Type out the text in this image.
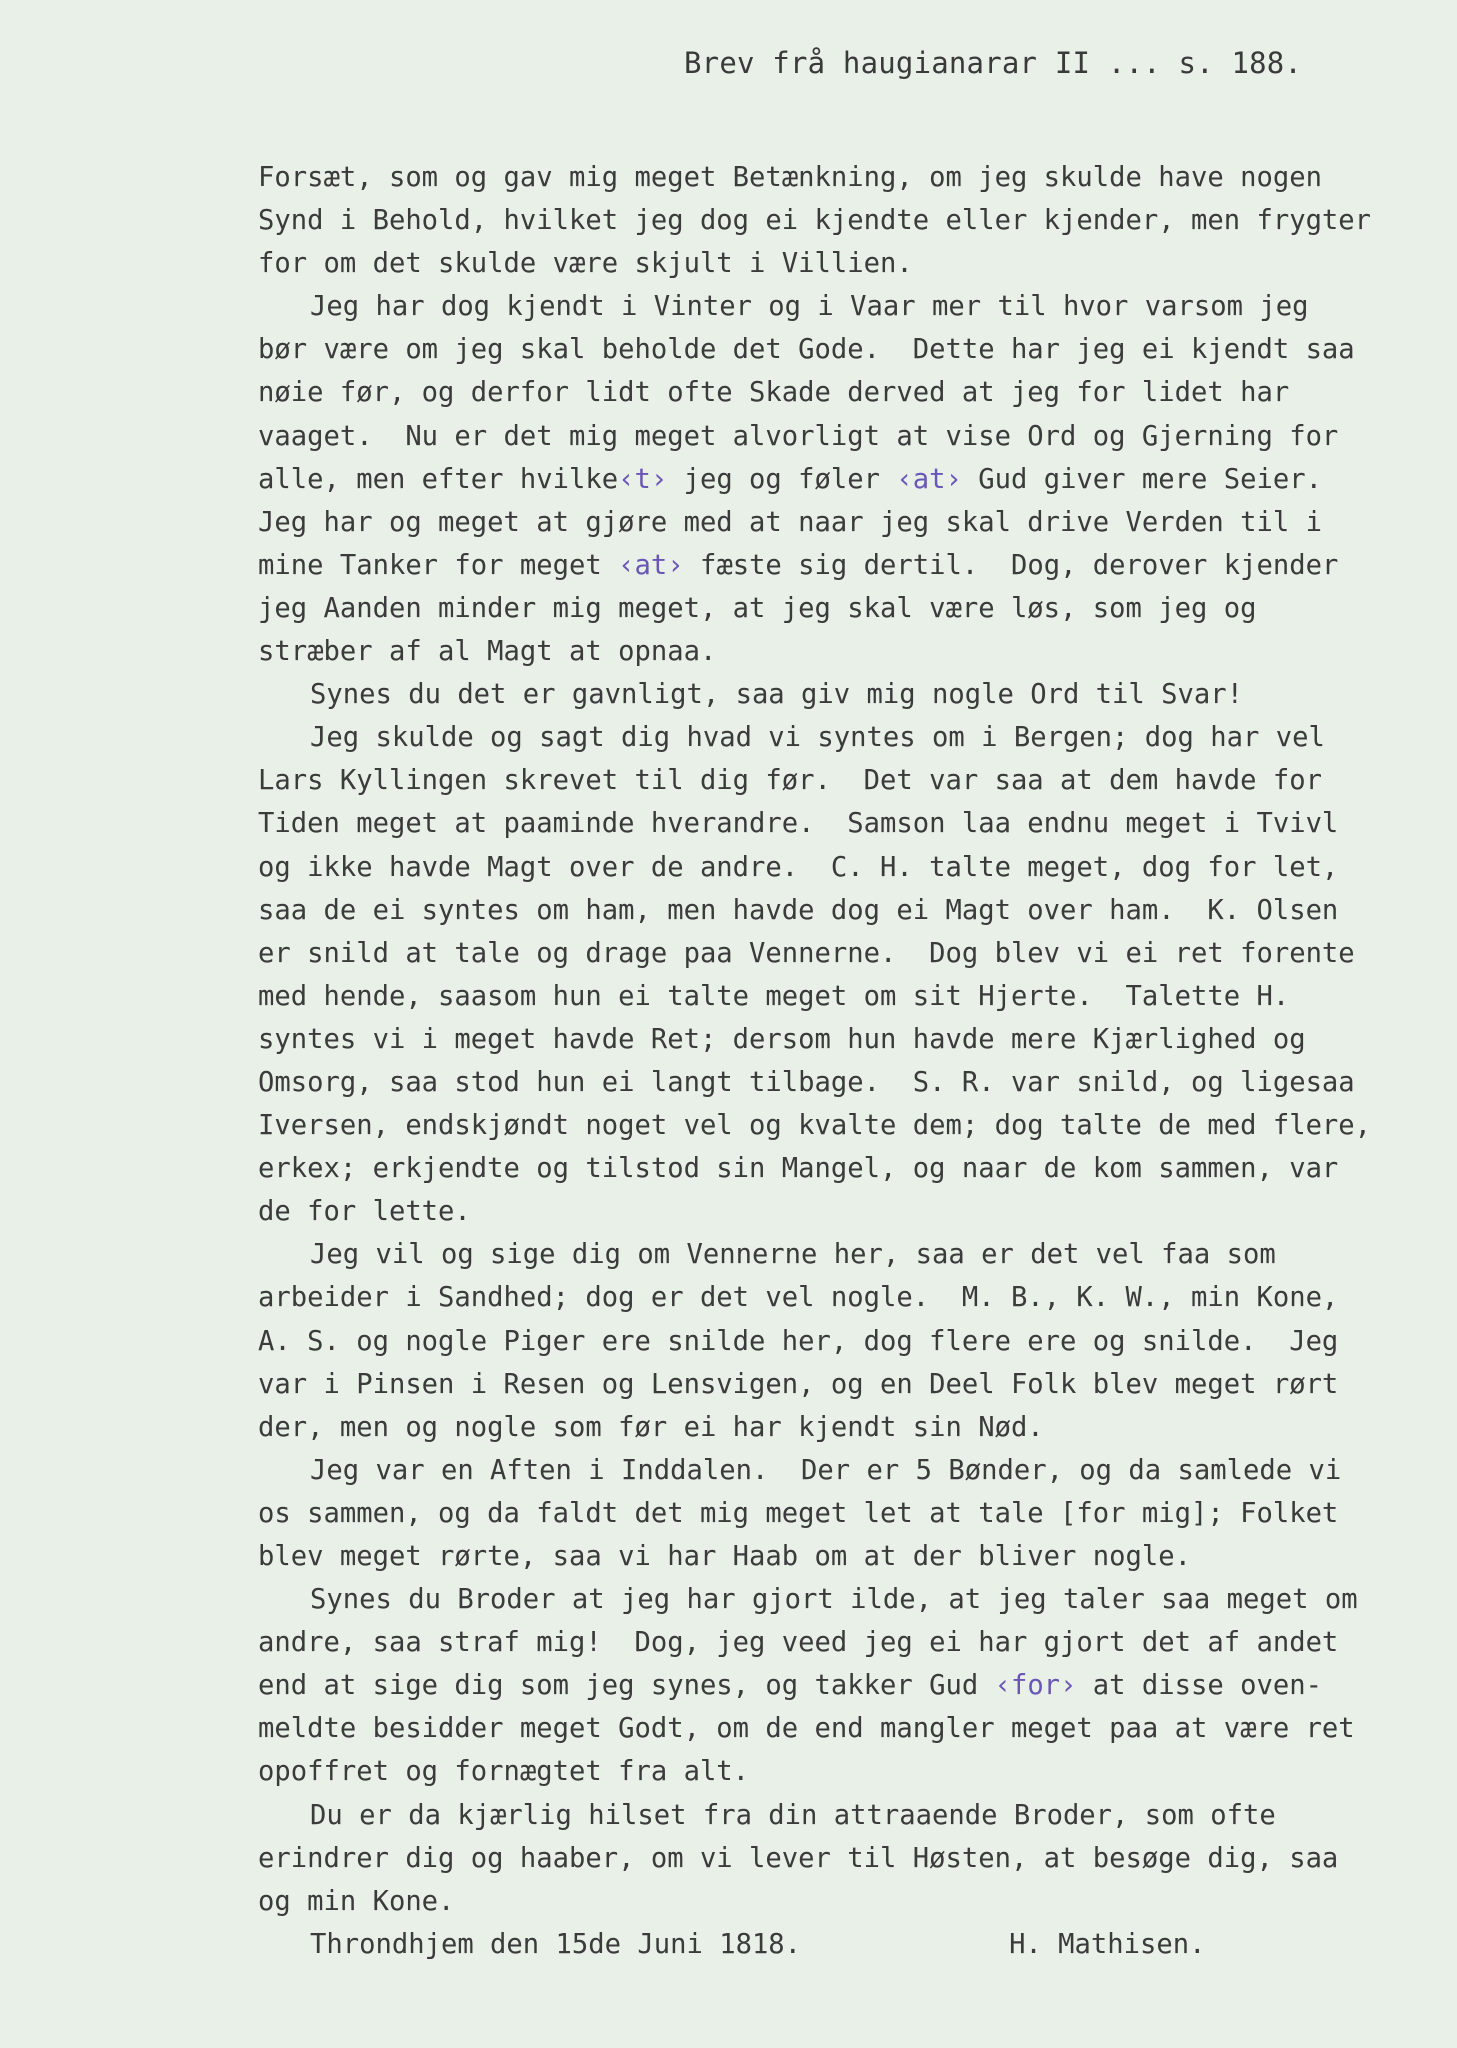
Brev frå haugianarar II ... s. 188.
Forsæt, som og gav mig meget Betænkning, om jeg skulde have nogen
Synd i Behold, hvilket jeg dog ei kjendte eller kjender, men frygter
for om det skulde være skjult i Villien.
Jeg har dog kjendt i Vinter og i Vaar mer til hvor varsom jeg
bør være om jeg skal beholde det Gode.  Dette har jeg ei kjendt saa
nøie før, og derfor lidt ofte Skade derved at jeg for lidet har
vaaget.  Nu er det mig meget alvorligt at vise Ord og Gjerning for
alle, men efter hvilke‹t› jeg og føler ‹at› Gud giver mere Seier.
Jeg har og meget at gjøre med at naar jeg skal drive Verden til i
mine Tanker for meget ‹at› fæste sig dertil.  Dog, derover kjender
jeg Aanden minder mig meget, at jeg skal være løs, som jeg og
stræber af al Magt at opnaa.
Synes du det er gavnligt, saa giv mig nogle Ord til Svar!
Jeg skulde og sagt dig hvad vi syntes om i Bergen; dog har vel
Lars Kyllingen skrevet til dig før.  Det var saa at dem havde for
Tiden meget at paaminde hverandre.  Samson laa endnu meget i Tvivl
og ikke havde Magt over de andre.  C. H. talte meget, dog for let,
saa de ei syntes om ham, men havde dog ei Magt over ham.  K. Olsen
er snild at tale og drage paa Vennerne.  Dog blev vi ei ret forente
med hende, saasom hun ei talte meget om sit Hjerte.  Talette H.
syntes vi i meget havde Ret; dersom hun havde mere Kjærlighed og
Omsorg, saa stod hun ei langt tilbage.  S. R. var snild, og ligesaa
Iversen, endskjøndt noget vel og kvalte dem; dog talte de med flere,
erkex; erkjendte og tilstod sin Mangel, og naar de kom sammen, var
de for lette.
Jeg vil og sige dig om Vennerne her, saa er det vel faa som
arbeider i Sandhed; dog er det vel nogle.  M. B., K. W., min Kone,
A. S. og nogle Piger ere snilde her, dog flere ere og snilde.  Jeg
var i Pinsen i Resen og Lensvigen, og en Deel Folk blev meget rørt
der, men og nogle som før ei har kjendt sin Nød.
Jeg var en Aften i Inddalen.  Der er 5 Bønder, og da samlede vi
os sammen, og da faldt det mig meget let at tale [for mig]; Folket
blev meget rørte, saa vi har Haab om at der bliver nogle.
Synes du Broder at jeg har gjort ilde, at jeg taler saa meget om
andre, saa straf mig!  Dog, jeg veed jeg ei har gjort det af andet
end at sige dig som jeg synes, og takker Gud ‹for› at disse oven-
meldte besidder meget Godt, om de end mangler meget paa at være ret
opoffret og fornægtet fra alt.
Du er da kjærlig hilset fra din attraaende Broder, som ofte
erindrer dig og haaber, om vi lever til Høsten, at besøge dig, saa
og min Kone.
Throndhjem den 15de Juni 1818.	H. Mathisen.
